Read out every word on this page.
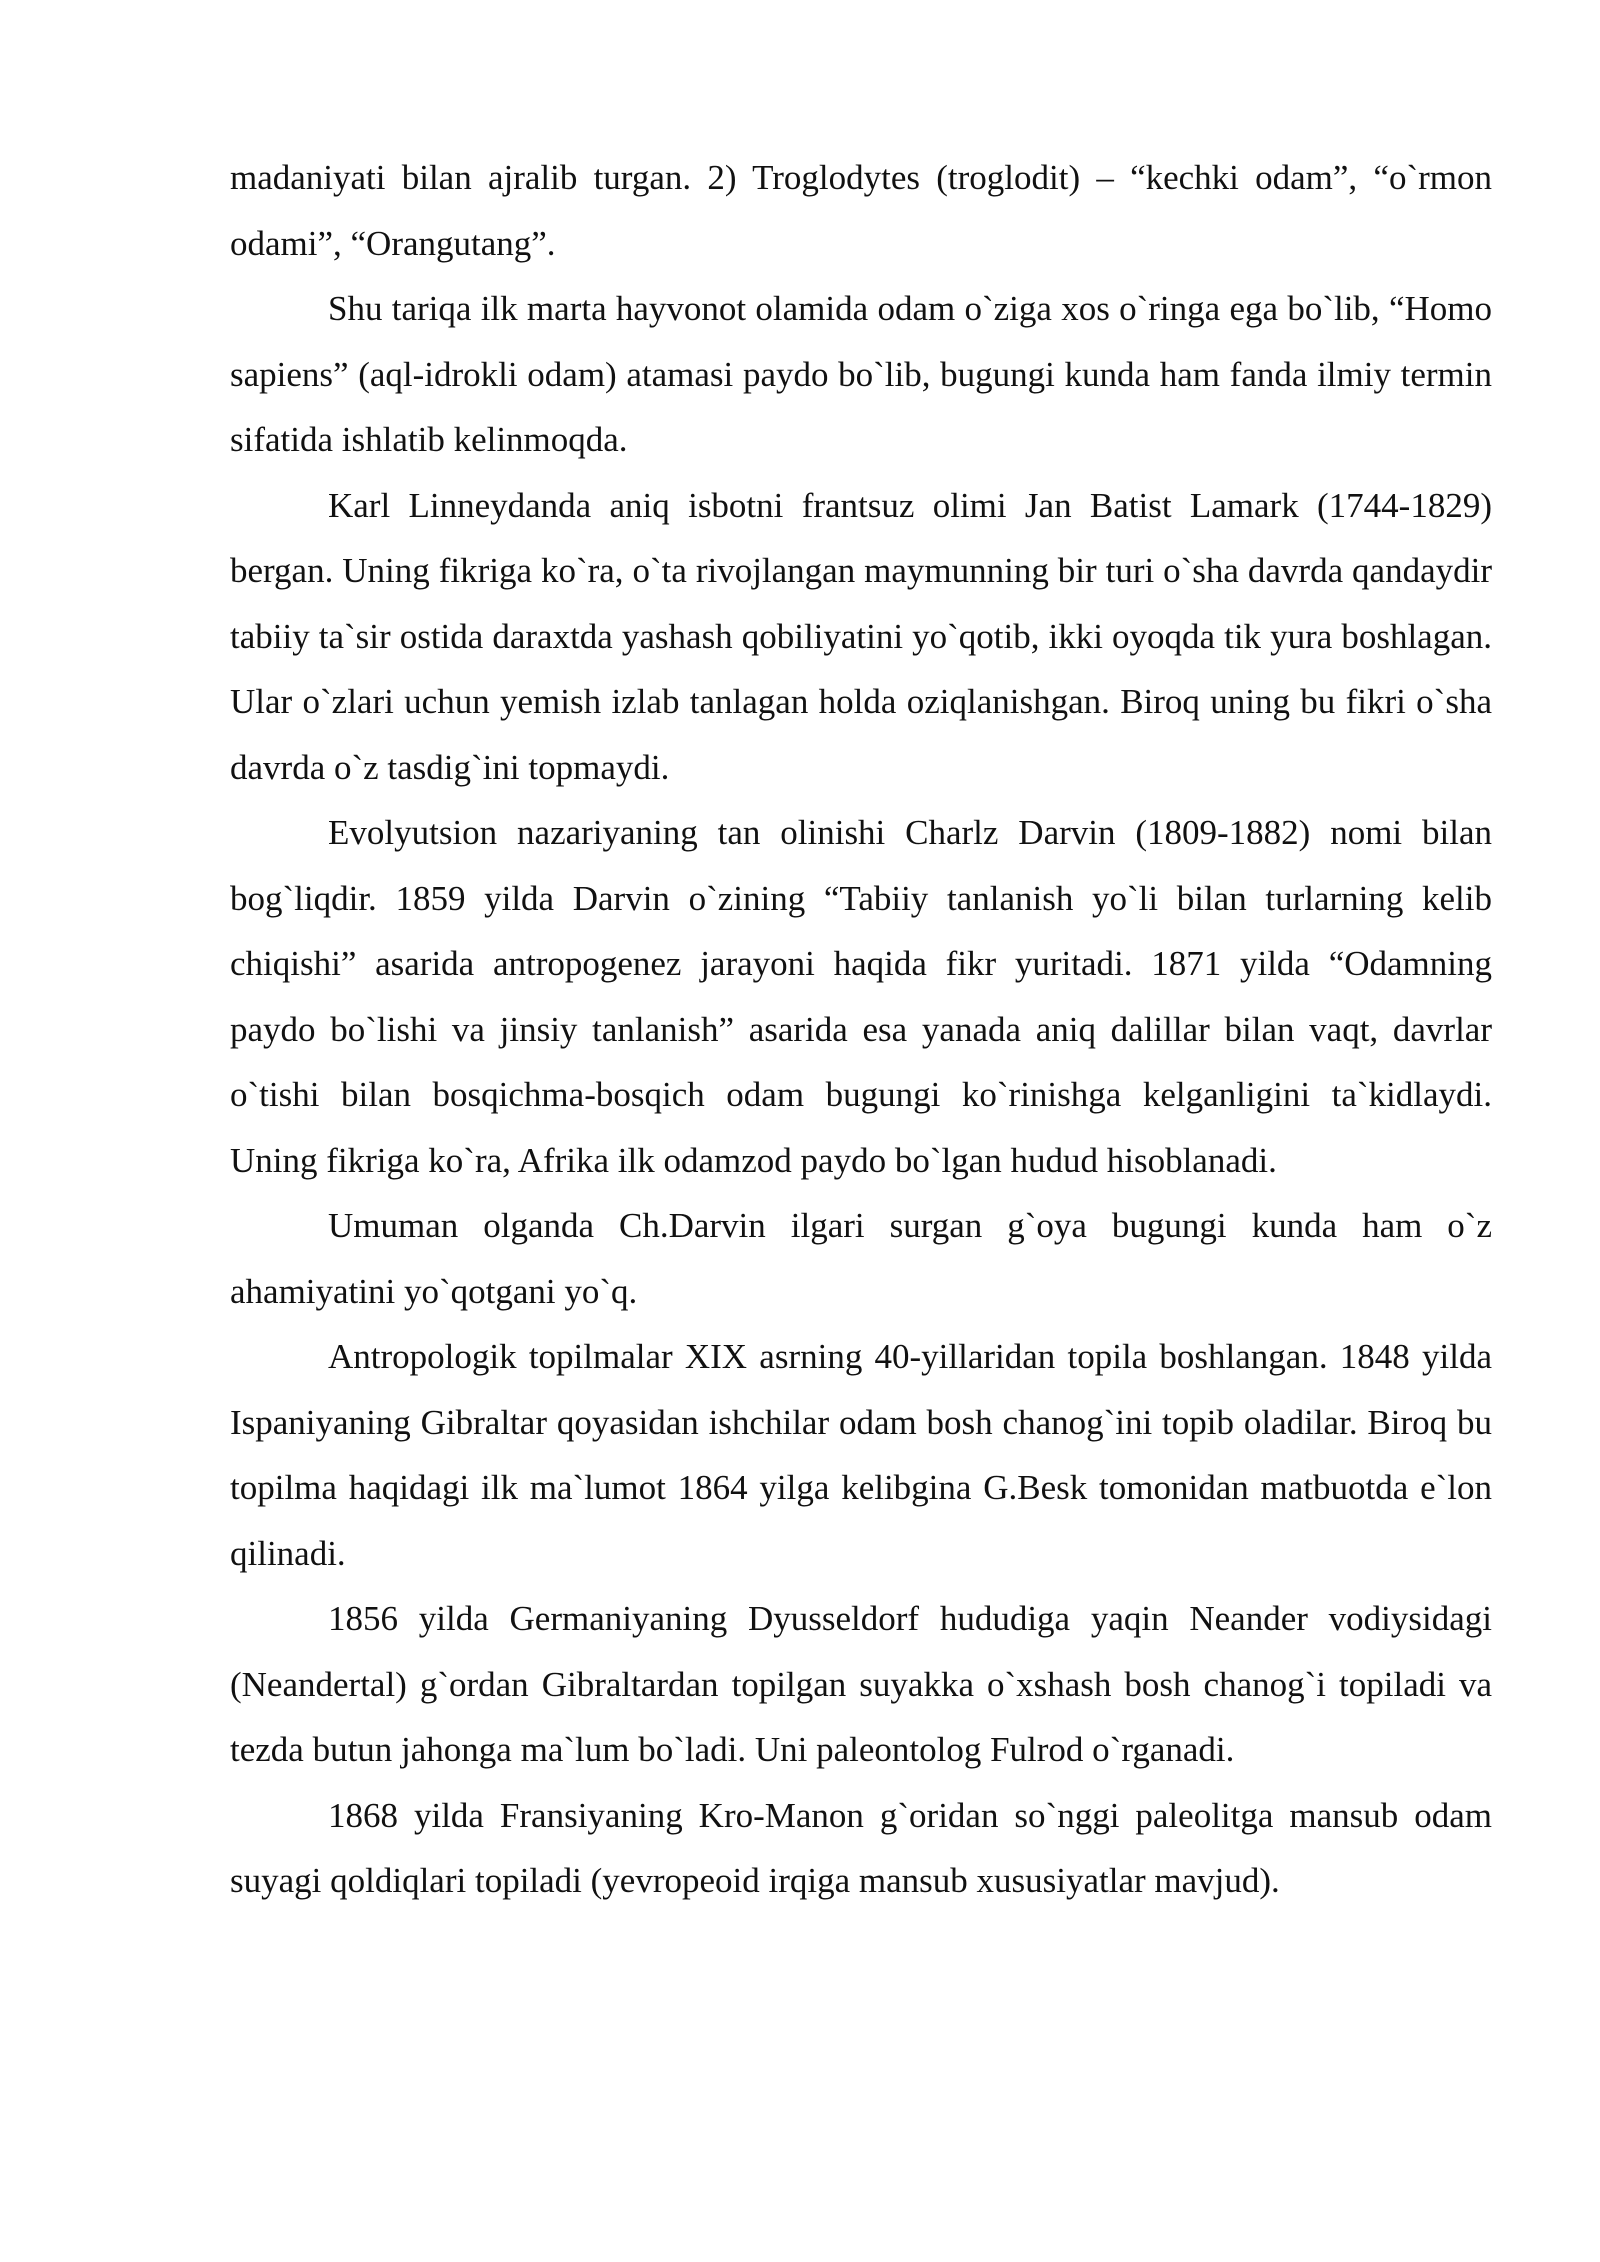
madaniyati bilan ajralib turgan. 2) Troglodytes (troglodit) – “kechki odam”, “o`rmon odami”, “Orangutang”.

Shu tariqa ilk marta hayvonot olamida odam o`ziga xos o`ringa ega bo`lib, “Homo sapiens” (aql-idrokli odam) atamasi paydo bo`lib, bugungi kunda ham fanda ilmiy termin sifatida ishlatib kelinmoqda.

Karl Linneydanda aniq isbotni frantsuz olimi Jan Batist Lamark (1744-1829) bergan. Uning fikriga ko`ra, o`ta rivojlangan maymunning bir turi o`sha davrda qandaydir tabiiy ta`sir ostida daraxtda yashash qobiliyatini yo`qotib, ikki oyoqda tik yura boshlagan. Ular o`zlari uchun yemish izlab tanlagan holda oziqlanishgan. Biroq uning bu fikri o`sha davrda o`z tasdig`ini topmaydi.

Evolyutsion nazariyaning tan olinishi Charlz Darvin (1809-1882) nomi bilan bog`liqdir. 1859 yilda Darvin o`zining “Tabiiy tanlanish yo`li bilan turlarning kelib chiqishi” asarida antropogenez jarayoni haqida fikr yuritadi. 1871 yilda “Odamning paydo bo`lishi va jinsiy tanlanish” asarida esa yanada aniq dalillar bilan vaqt, davrlar o`tishi bilan bosqichma-bosqich odam bugungi ko`rinishga kelganligini ta`kidlaydi. Uning fikriga ko`ra, Afrika ilk odamzod paydo bo`lgan hudud hisoblanadi.

Umuman olganda Ch.Darvin ilgari surgan g`oya bugungi kunda ham o`z ahamiyatini yo`qotgani yo`q.

Antropologik topilmalar XIX asrning 40-yillaridan topila boshlangan. 1848 yilda Ispaniyaning Gibraltar qoyasidan ishchilar odam bosh chanog`ini topib oladilar. Biroq bu topilma haqidagi ilk ma`lumot 1864 yilga kelibgina G.Besk tomonidan matbuotda e`lon qilinadi.

1856 yilda Germaniyaning Dyusseldorf hududiga yaqin Neander vodiysidagi (Neandertal) g`ordan Gibraltardan topilgan suyakka o`xshash bosh chanog`i topiladi va tezda butun jahonga ma`lum bo`ladi. Uni paleontolog Fulrod o`rganadi.

1868 yilda Fransiyaning Kro-Manon g`oridan so`nggi paleolitga mansub odam suyagi qoldiqlari topiladi (yevropeoid irqiga mansub xususiyatlar mavjud).
